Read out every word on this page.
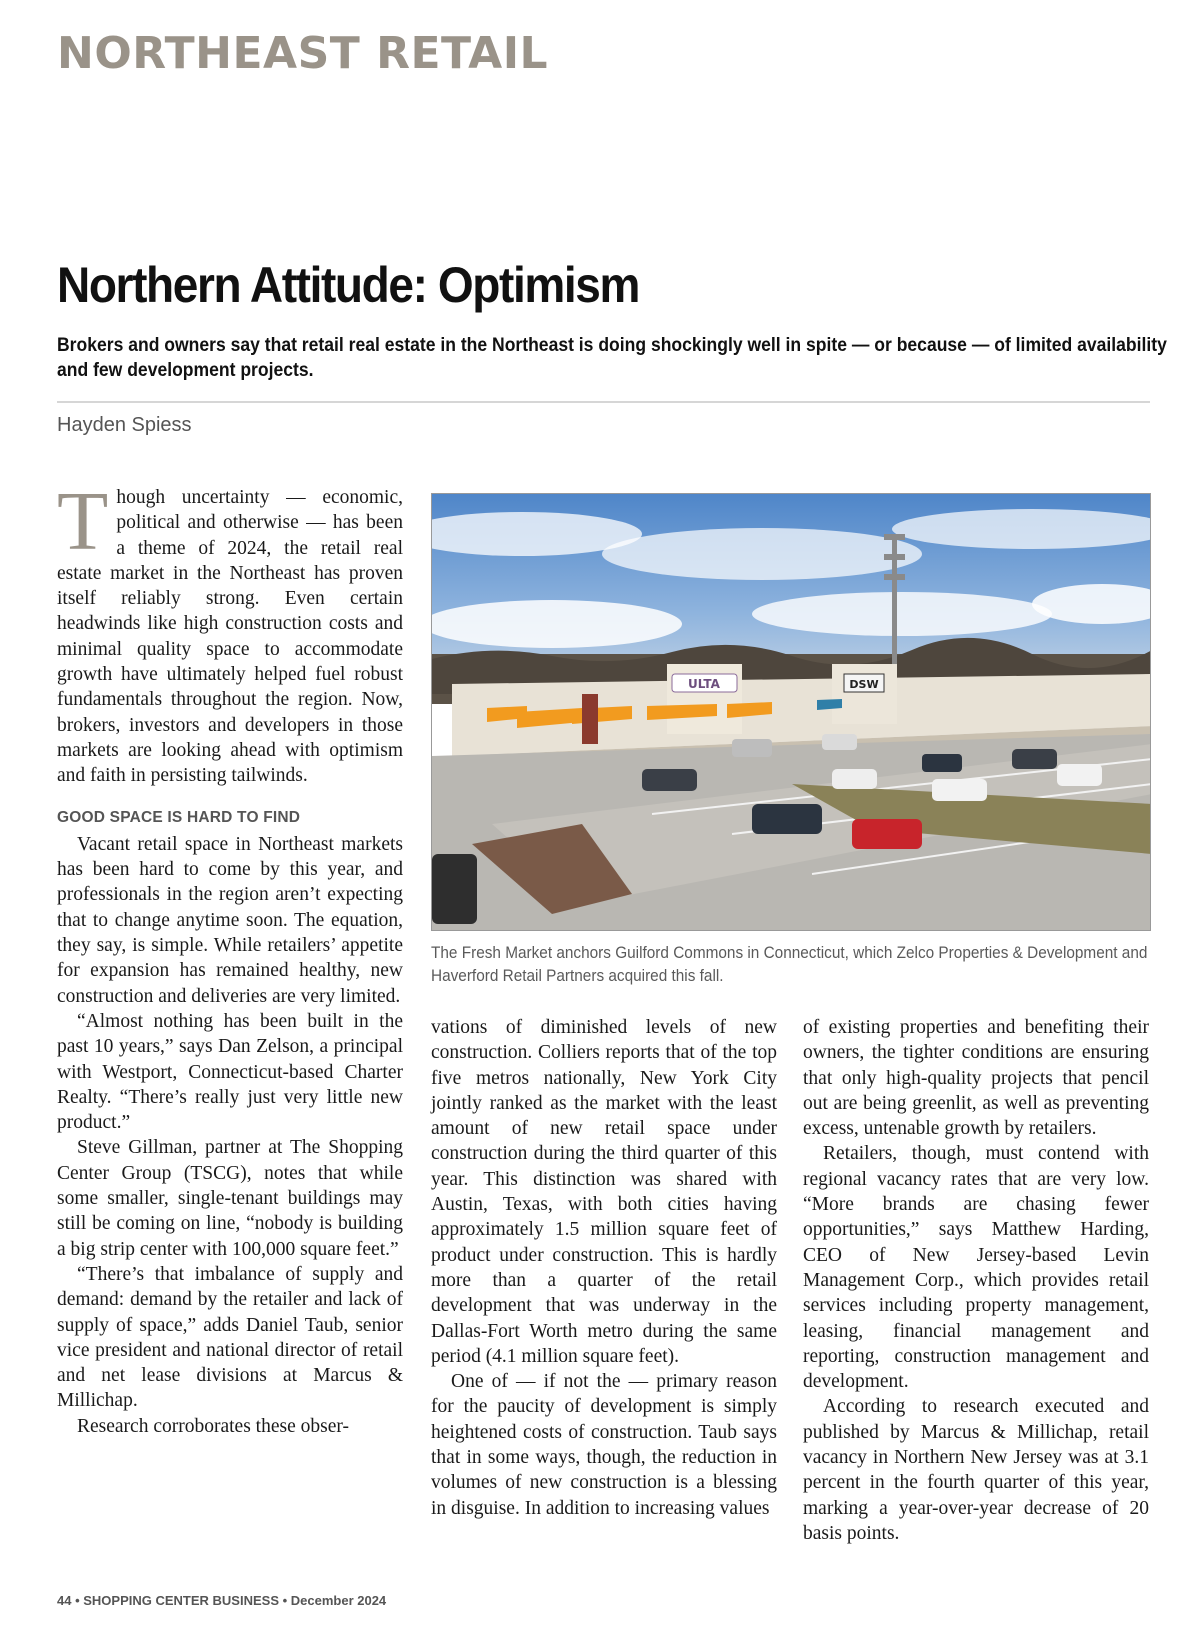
NORTHEAST RETAIL
Northern Attitude: Optimism
Brokers and owners say that retail real estate in the Northeast is doing shockingly well in spite — or because — of limited availability and few development projects.
Hayden Spiess

Though uncertainty — economic, political and otherwise — has been a theme of 2024, the retail real estate market in the Northeast has proven itself reliably strong. Even certain headwinds like high construction costs and minimal quality space to accommodate growth have ultimately helped fuel robust fundamentals throughout the region. Now, brokers, investors and developers in those markets are looking ahead with optimism and faith in persisting tailwinds.

GOOD SPACE IS HARD TO FIND

Vacant retail space in Northeast markets has been hard to come by this year, and professionals in the region aren’t expecting that to change anytime soon. The equation, they say, is simple. While retailers’ appetite for expansion has remained healthy, new construction and deliveries are very limited.

“Almost nothing has been built in the past 10 years,” says Dan Zelson, a principal with Westport, Connecticut-based Charter Realty. “There’s really just very little new product.”

Steve Gillman, partner at The Shopping Center Group (TSCG), notes that while some smaller, single-tenant buildings may still be coming on line, “nobody is building a big strip center with 100,000 square feet.”

“There’s that imbalance of supply and demand: demand by the retailer and lack of supply of space,” adds Daniel Taub, senior vice president and national director of retail and net lease divisions at Marcus & Millichap.

Research corroborates these obser-

ULTA	DSW
The Fresh Market anchors Guilford Commons in Connecticut, which Zelco Properties & Development and Haverford Retail Partners acquired this fall.

vations of diminished levels of new construction. Colliers reports that of the top five metros nationally, New York City jointly ranked as the market with the least amount of new retail space under construction during the third quarter of this year. This distinction was shared with Austin, Texas, with both cities having approximately 1.5 million square feet of product under construction. This is hardly more than a quarter of the retail development that was underway in the Dallas-Fort Worth metro during the same period (4.1 million square feet).

One of — if not the — primary reason for the paucity of development is simply heightened costs of construction. Taub says that in some ways, though, the reduction in volumes of new construction is a blessing in disguise. In addition to increasing values

of existing properties and benefiting their owners, the tighter conditions are ensuring that only high-quality projects that pencil out are being greenlit, as well as preventing excess, untenable growth by retailers.

Retailers, though, must contend with regional vacancy rates that are very low. “More brands are chasing fewer opportunities,” says Matthew Harding, CEO of New Jersey-based Levin Management Corp., which provides retail services including property management, leasing, financial management and reporting, construction management and development.

According to research executed and published by Marcus & Millichap, retail vacancy in Northern New Jersey was at 3.1 percent in the fourth quarter of this year, marking a year-over-year decrease of 20 basis points.

44 • SHOPPING CENTER BUSINESS • December 2024
